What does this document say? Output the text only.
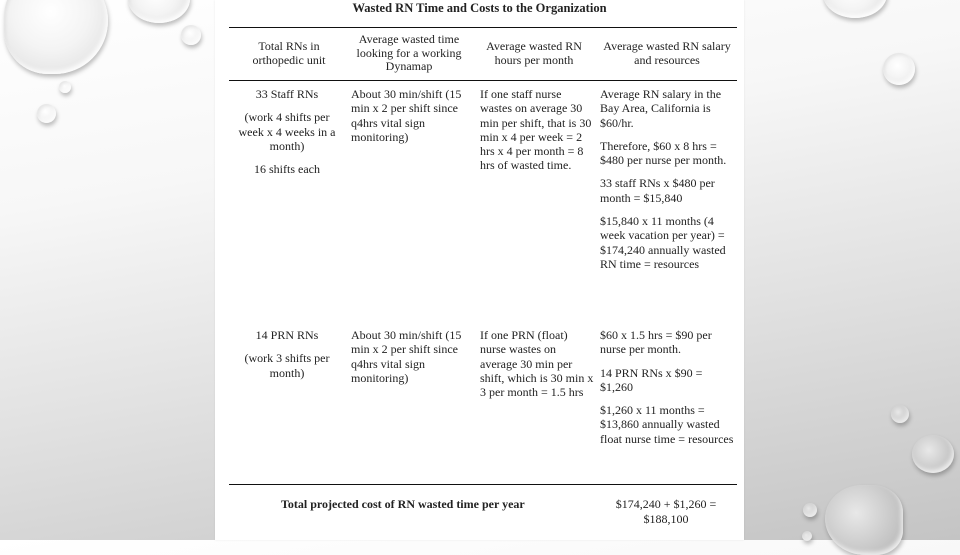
Wasted RN Time and Costs to the Organization
Total RNs in orthopedic unit
Average wasted time looking for a working Dynamap
Average wasted RN hours per month
Average wasted RN salary and resources

33 Staff RNs

(work 4 shifts per week x 4 weeks in a month)

16 shifts each

About 30 min/shift (15 min x 2 per shift since q4hrs vital sign monitoring)

If one staff nurse wastes on average 30 min per shift, that is 30 min x 4 per week = 2 hrs x 4 per month = 8 hrs of wasted time.

Average RN salary in the Bay Area, California is $60/hr.

Therefore, $60 x 8 hrs = $480 per nurse per month.

33 staff RNs x $480 per month = $15,840

$15,840 x 11 months (4 week vacation per year) = $174,240 annually wasted RN time = resources

14 PRN RNs

(work 3 shifts per month)

About 30 min/shift (15 min x 2 per shift since q4hrs vital sign monitoring)

If one PRN (float) nurse wastes on average 30 min per shift, which is 30 min x 3 per month = 1.5 hrs

$60 x 1.5 hrs = $90 per nurse per month.

14 PRN RNs x $90 = $1,260

$1,260 x 11 months = $13,860 annually wasted float nurse time = resources

Total projected cost of RN wasted time per year	$174,240 + $1,260 =
$188,100
